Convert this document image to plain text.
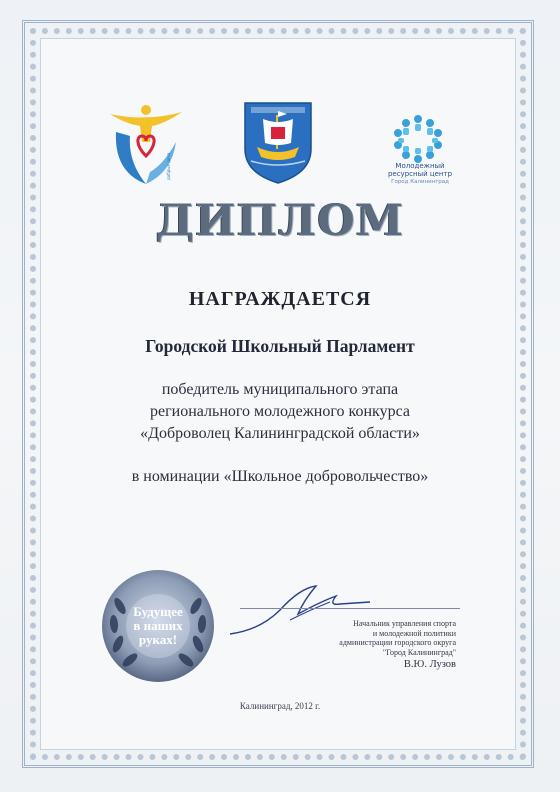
добрые дела	Молодежный
ресурсный центр
Город Калининград
ДИПЛОМ
НАГРАЖДАЕТСЯ
Городской Школьный Парламент
победитель муниципального этапа
регионального молодежного конкурса
«Доброволец Калининградской области»
в номинации «Школьное добровольчество»
Будущее
в наших
руках!
Начальник управления спорта
и молодежной политики
администрации городского округа
"Город Калининград"
В.Ю. Лузов
Калининград, 2012 г.
